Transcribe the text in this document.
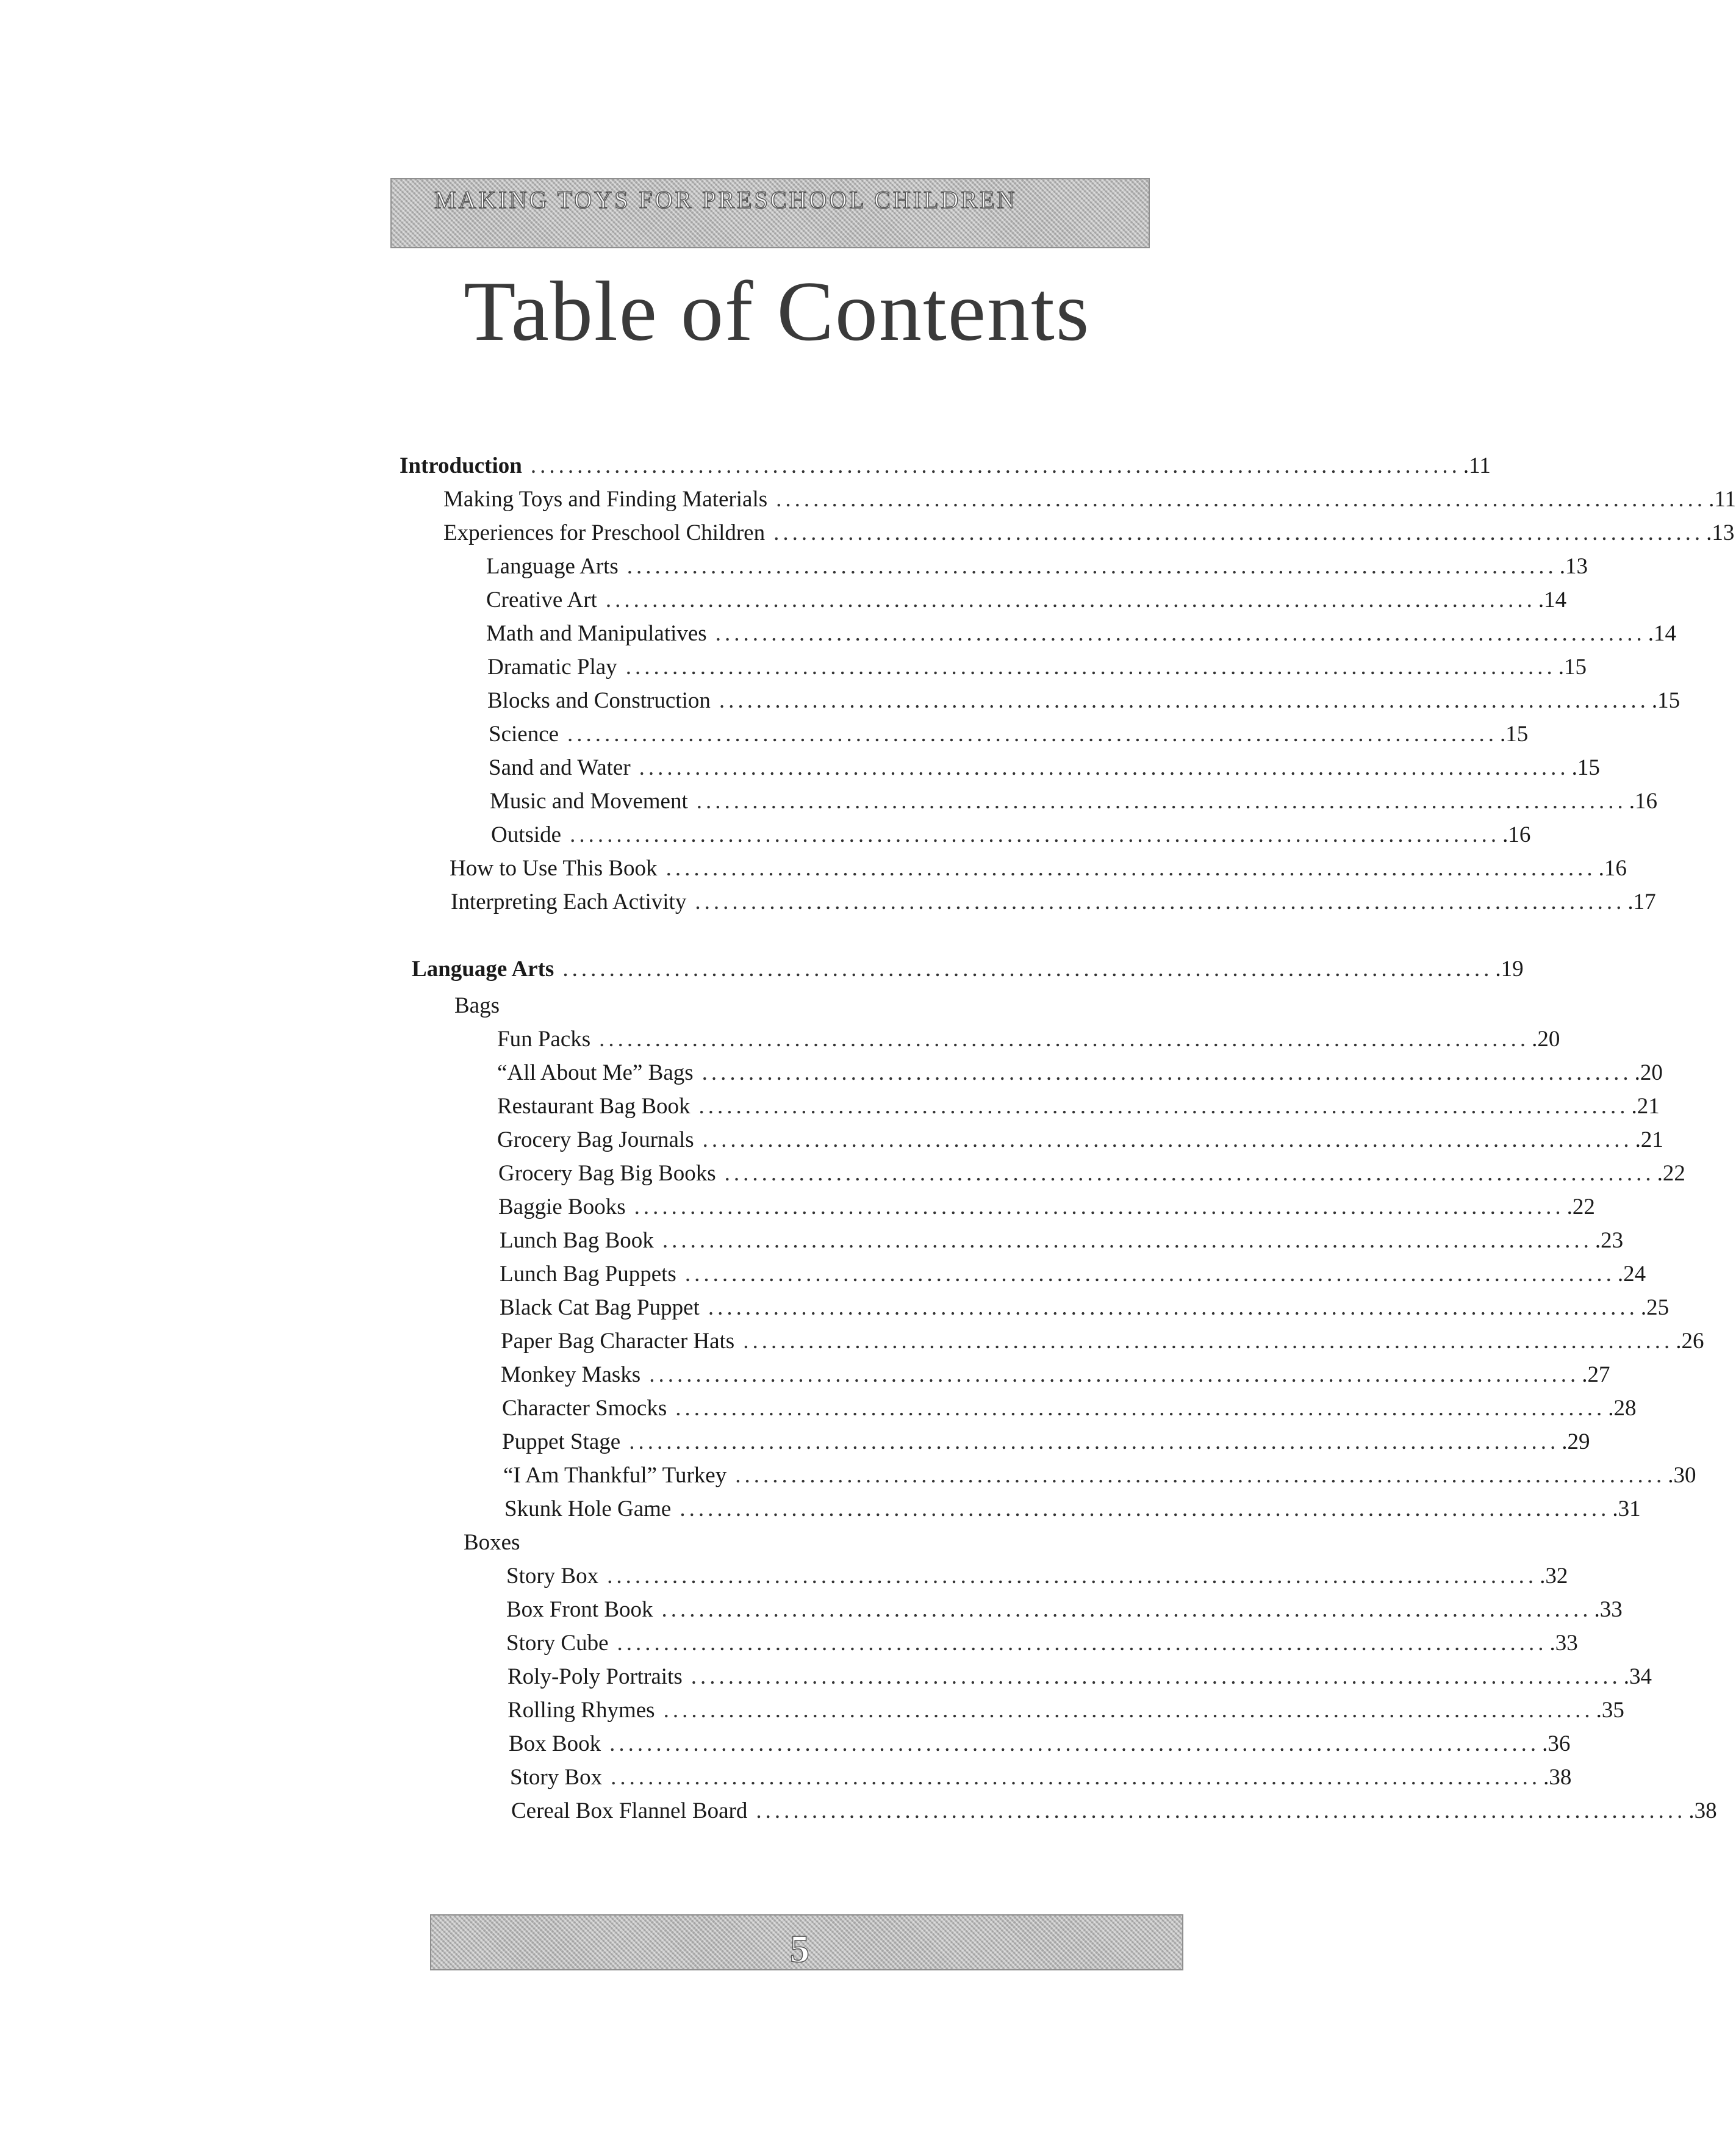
MAKING TOYS FOR PRESCHOOL CHILDREN
Table of Contents
Introduction .................................................................................................... .11
Making Toys and Finding Materials .................................................................................................... .11
Experiences for Preschool Children .................................................................................................... .13
Language Arts .................................................................................................... .13
Creative Art .................................................................................................... .14
Math and Manipulatives .................................................................................................... .14
Dramatic Play .................................................................................................... .15
Blocks and Construction .................................................................................................... .15
Science .................................................................................................... .15
Sand and Water .................................................................................................... .15
Music and Movement .................................................................................................... .16
Outside .................................................................................................... .16
How to Use This Book .................................................................................................... .16
Interpreting Each Activity .................................................................................................... .17
Language Arts .................................................................................................... .19
Bags
Fun Packs .................................................................................................... .20
“All About Me” Bags .................................................................................................... .20
Restaurant Bag Book .................................................................................................... .21
Grocery Bag Journals .................................................................................................... .21
Grocery Bag Big Books .................................................................................................... .22
Baggie Books .................................................................................................... .22
Lunch Bag Book .................................................................................................... .23
Lunch Bag Puppets .................................................................................................... .24
Black Cat Bag Puppet .................................................................................................... .25
Paper Bag Character Hats .................................................................................................... .26
Monkey Masks .................................................................................................... .27
Character Smocks .................................................................................................... .28
Puppet Stage .................................................................................................... .29
“I Am Thankful” Turkey .................................................................................................... .30
Skunk Hole Game .................................................................................................... .31
Boxes
Story Box .................................................................................................... .32
Box Front Book .................................................................................................... .33
Story Cube .................................................................................................... .33
Roly-Poly Portraits .................................................................................................... .34
Rolling Rhymes .................................................................................................... .35
Box Book .................................................................................................... .36
Story Box .................................................................................................... .38
Cereal Box Flannel Board .................................................................................................... .38
5
